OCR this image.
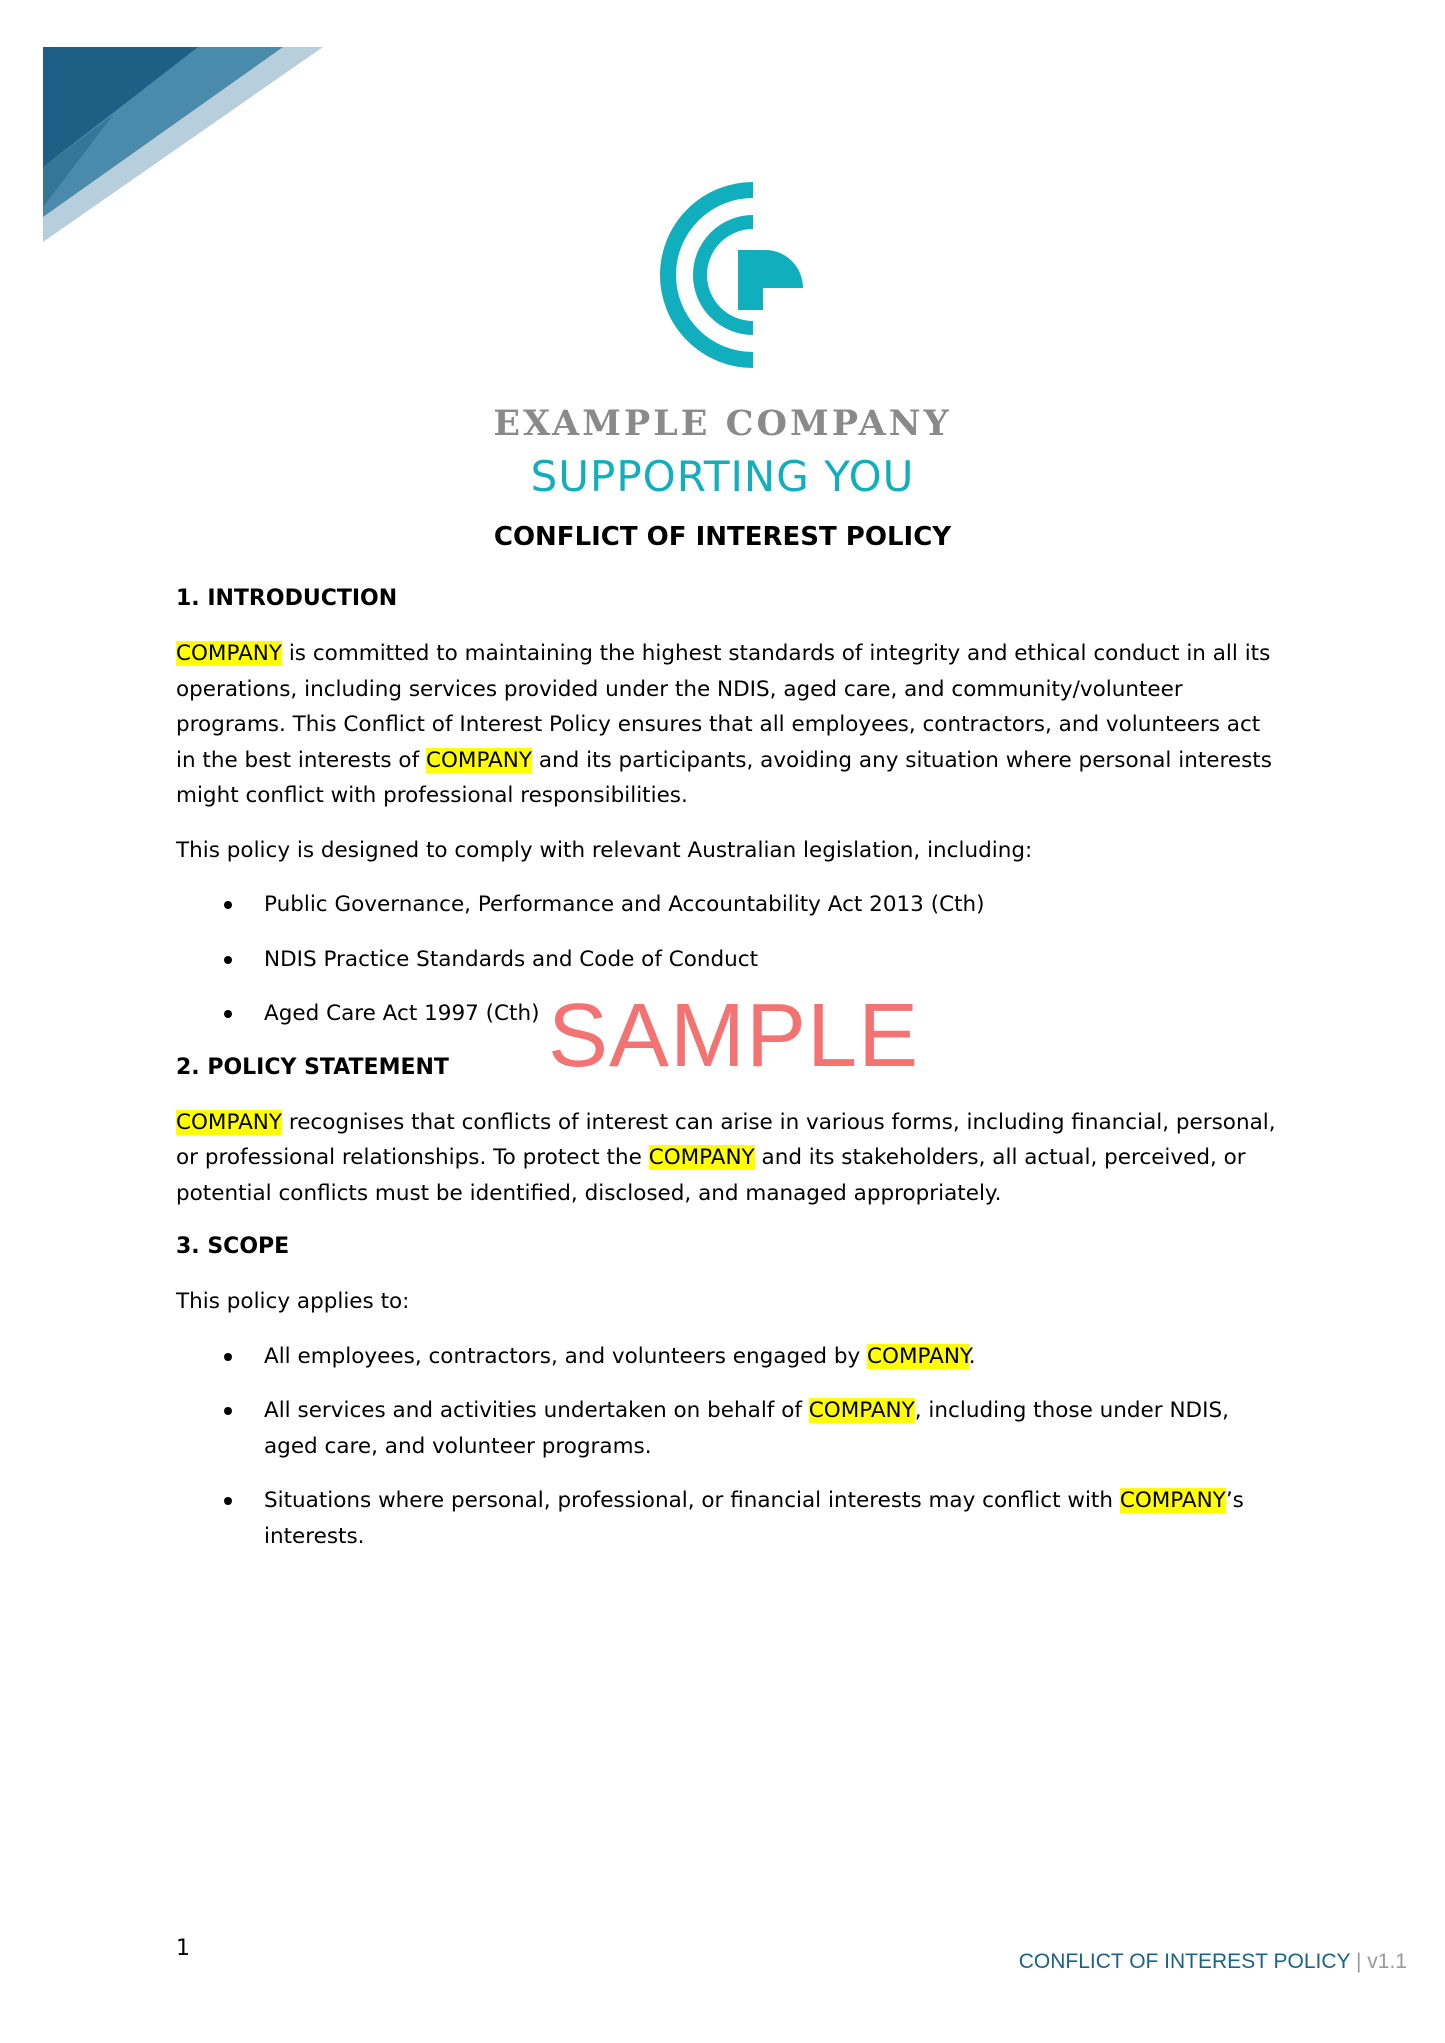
EXAMPLE COMPANY
SUPPORTING YOU
CONFLICT OF INTEREST POLICY
1. INTRODUCTION

COMPANY is committed to maintaining the highest standards of integrity and ethical conduct in all its operations, including services provided under the NDIS, aged care, and community/volunteer programs. This Conflict of Interest Policy ensures that all employees, contractors, and volunteers act in the best interests of COMPANY and its participants, avoiding any situation where personal interests might conflict with professional responsibilities.

This policy is designed to comply with relevant Australian legislation, including:

Public Governance, Performance and Accountability Act 2013 (Cth)
NDIS Practice Standards and Code of Conduct
Aged Care Act 1997 (Cth)
2. POLICY STATEMENT

COMPANY recognises that conflicts of interest can arise in various forms, including financial, personal, or professional relationships. To protect the COMPANY and its stakeholders, all actual, perceived, or potential conflicts must be identified, disclosed, and managed appropriately.

3. SCOPE

This policy applies to:

All employees, contractors, and volunteers engaged by COMPANY.
All services and activities undertaken on behalf of COMPANY, including those under NDIS, aged care, and volunteer programs.
Situations where personal, professional, or financial interests may conflict with COMPANY’s interests.
SAMPLE
1
CONFLICT OF INTEREST POLICY | v1.1
